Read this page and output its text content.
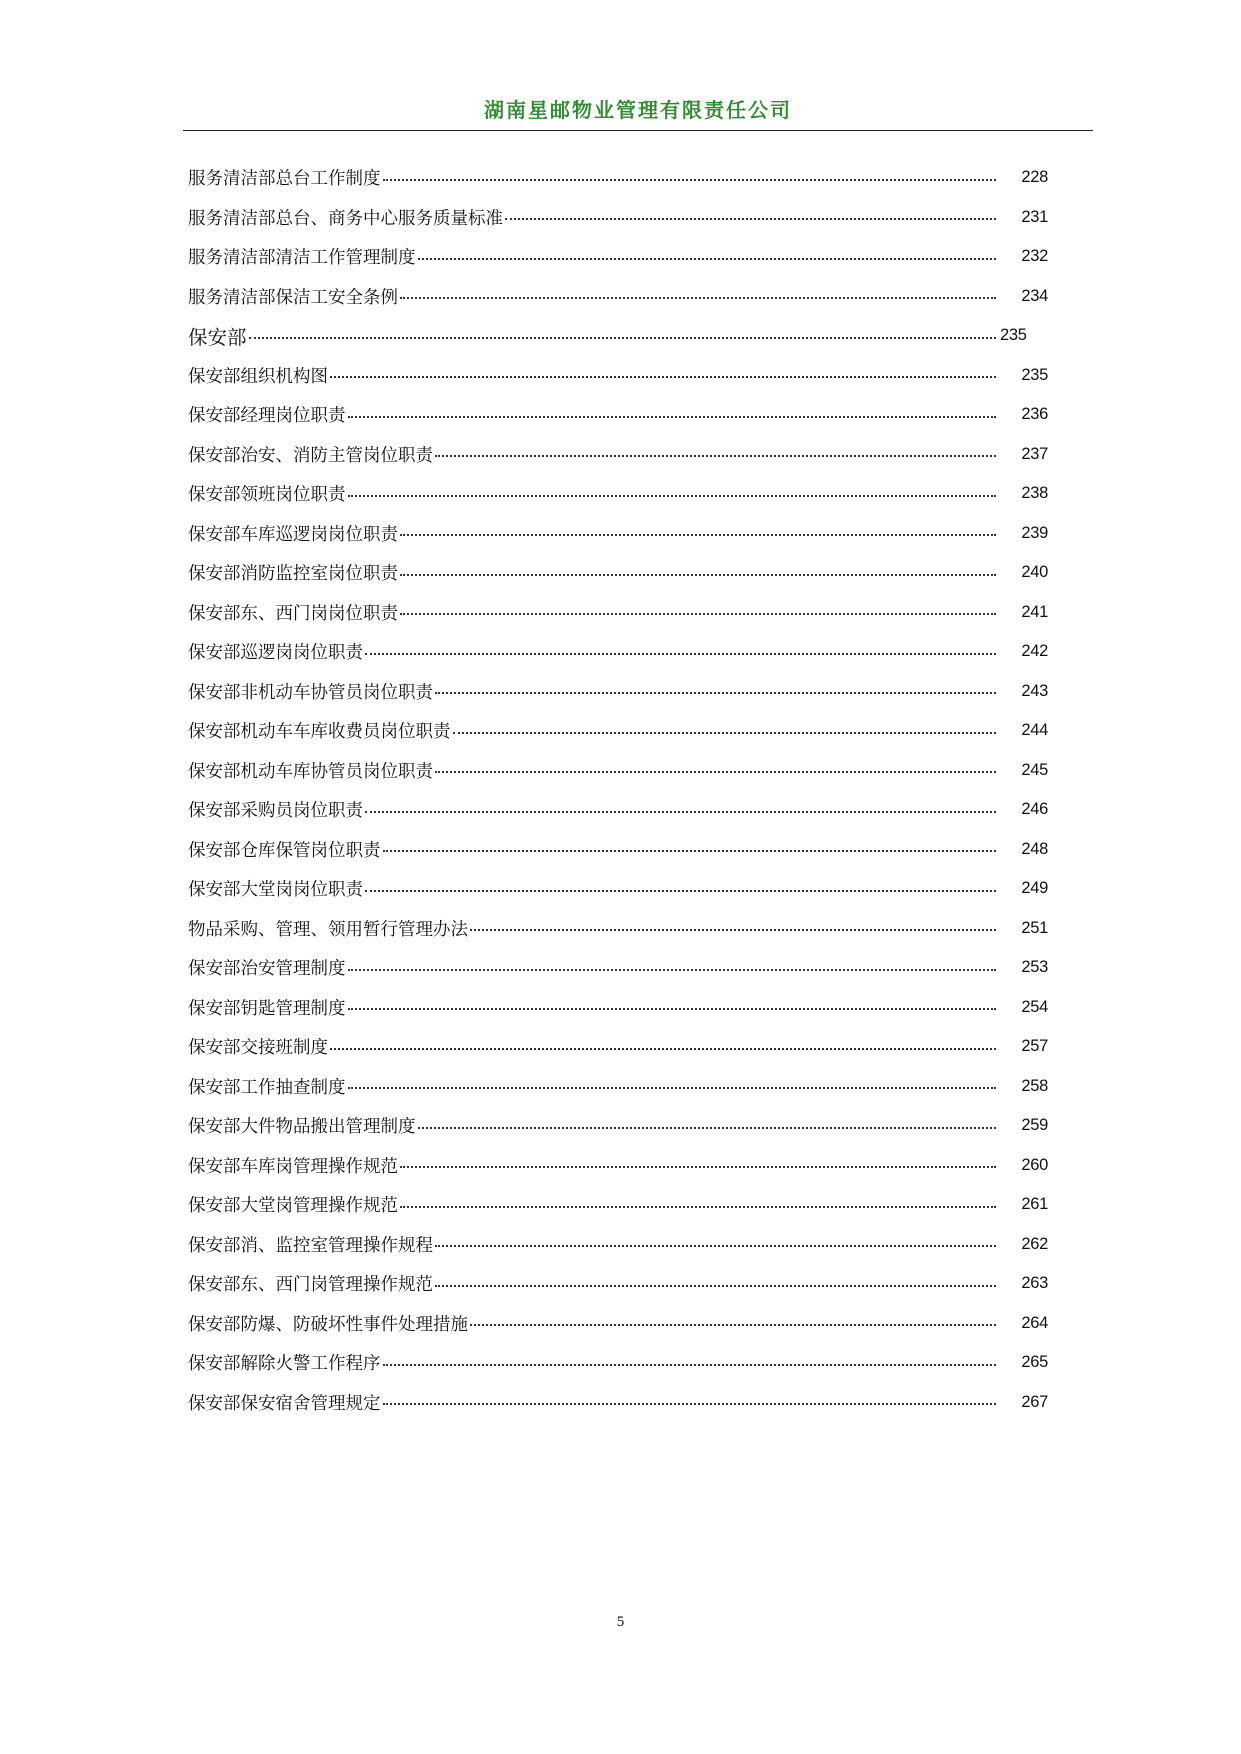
湖南星邮物业管理有限责任公司
服务清洁部总台工作制度	228
服务清洁部总台、商务中心服务质量标准	231
服务清洁部清洁工作管理制度	232
服务清洁部保洁工安全条例	234
保安部	235
保安部组织机构图	235
保安部经理岗位职责	236
保安部治安、消防主管岗位职责	237
保安部领班岗位职责	238
保安部车库巡逻岗岗位职责	239
保安部消防监控室岗位职责	240
保安部东、西门岗岗位职责	241
保安部巡逻岗岗位职责	242
保安部非机动车协管员岗位职责	243
保安部机动车车库收费员岗位职责	244
保安部机动车库协管员岗位职责	245
保安部采购员岗位职责	246
保安部仓库保管岗位职责	248
保安部大堂岗岗位职责	249
物品采购、管理、领用暂行管理办法	251
保安部治安管理制度	253
保安部钥匙管理制度	254
保安部交接班制度	257
保安部工作抽查制度	258
保安部大件物品搬出管理制度	259
保安部车库岗管理操作规范	260
保安部大堂岗管理操作规范	261
保安部消、监控室管理操作规程	262
保安部东、西门岗管理操作规范	263
保安部防爆、防破坏性事件处理措施	264
保安部解除火警工作程序	265
保安部保安宿舍管理规定	267
5
